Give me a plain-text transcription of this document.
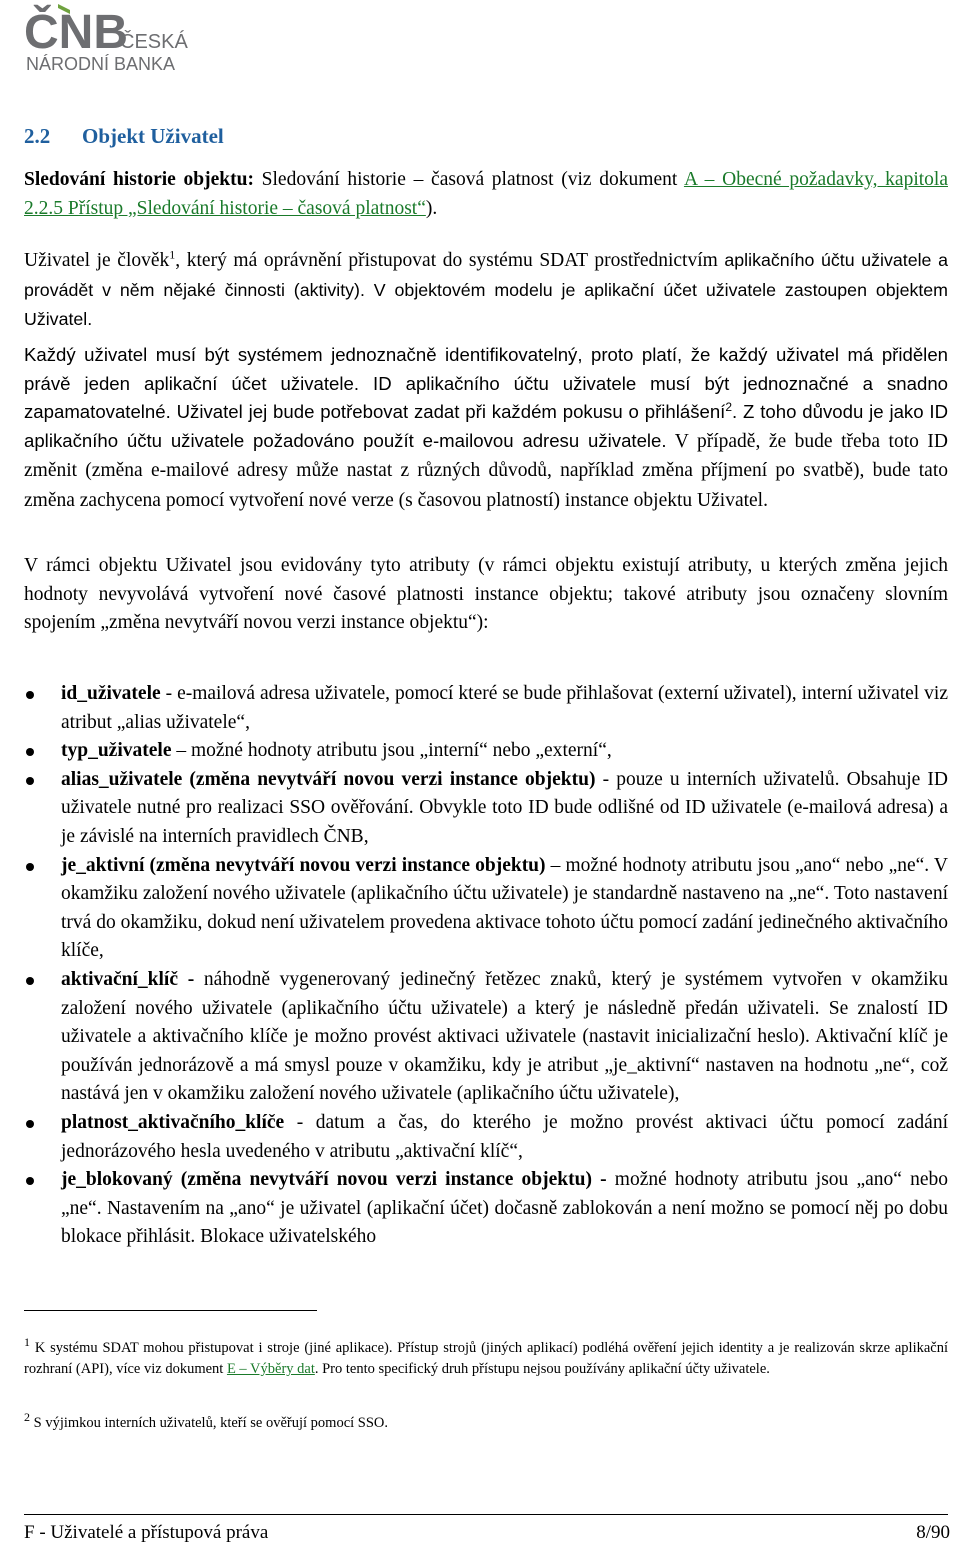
ČNB
ČESKÁ
NÁRODNÍ BANKA
2.2 Objekt Uživatel
Sledování historie objektu: Sledování historie – časová platnost (viz dokument A – Obecné požadavky, kapitola 2.2.5 Přístup „Sledování historie – časová platnost“).
Uživatel je člověk$^1$, který má oprávnění přistupovat do systému SDAT prostřednictvím aplikačního účtu uživatele a provádět v něm nějaké činnosti (aktivity). V objektovém modelu je aplikační účet uživatele zastoupen objektem Uživatel.
Každý uživatel musí být systémem jednoznačně identifikovatelný, proto platí, že každý uživatel má přidělen právě jeden aplikační účet uživatele. ID aplikačního účtu uživatele musí být jednoznačné a snadno zapamatovatelné. Uživatel jej bude potřebovat zadat při každém pokusu o přihlášení$^2$. Z toho důvodu je jako ID aplikačního účtu uživatele požadováno použít e-mailovou adresu uživatele. V případě, že bude třeba toto ID změnit (změna e-mailové adresy může nastat z různých důvodů, například změna příjmení po svatbě), bude tato změna zachycena pomocí vytvoření nové verze (s časovou platností) instance objektu Uživatel.
V rámci objektu Uživatel jsou evidovány tyto atributy (v rámci objektu existují atributy, u kterých změna jejich hodnoty nevyvolává vytvoření nové časové platnosti instance objektu; takové atributy jsou označeny slovním spojením „změna nevytváří novou verzi instance objektu“):
id_uživatele - e-mailová adresa uživatele, pomocí které se bude přihlašovat (externí uživatel), interní uživatel viz atribut „alias uživatele“,
typ_uživatele – možné hodnoty atributu jsou „interní“ nebo „externí“,
alias_uživatele (změna nevytváří novou verzi instance objektu) - pouze u interních uživatelů. Obsahuje ID uživatele nutné pro realizaci SSO ověřování. Obvykle toto ID bude odlišné od ID uživatele (e-mailová adresa) a je závislé na interních pravidlech ČNB,
je_aktivní (změna nevytváří novou verzi instance objektu) – možné hodnoty atributu jsou „ano“ nebo „ne“. V okamžiku založení nového uživatele (aplikačního účtu uživatele) je standardně nastaveno na „ne“. Toto nastavení trvá do okamžiku, dokud není uživatelem provedena aktivace tohoto účtu pomocí zadání jedinečného aktivačního klíče,
aktivační_klíč - náhodně vygenerovaný jedinečný řetězec znaků, který je systémem vytvořen v okamžiku založení nového uživatele (aplikačního účtu uživatele) a který je následně předán uživateli. Se znalostí ID uživatele a aktivačního klíče je možno provést aktivaci uživatele (nastavit inicializační heslo). Aktivační klíč je používán jednorázově a má smysl pouze v okamžiku, kdy je atribut „je_aktivní“ nastaven na hodnotu „ne“, což nastává jen v okamžiku založení nového uživatele (aplikačního účtu uživatele),
platnost_aktivačního_klíče - datum a čas, do kterého je možno provést aktivaci účtu pomocí zadání jednorázového hesla uvedeného v atributu „aktivační klíč“,
je_blokovaný (změna nevytváří novou verzi instance objektu) - možné hodnoty atributu jsou „ano“ nebo „ne“. Nastavením na „ano“ je uživatel (aplikační účet) dočasně zablokován a není možno se pomocí něj po dobu blokace přihlásit. Blokace uživatelského
$^1$ K systému SDAT mohou přistupovat i stroje (jiné aplikace). Přístup strojů (jiných aplikací) podléhá ověření jejich identity a je realizován skrze aplikační rozhraní (API), více viz dokument E – Výběry dat. Pro tento specifický druh přístupu nejsou používány aplikační účty uživatele.
$^2$ S výjimkou interních uživatelů, kteří se ověřují pomocí SSO.
F - Uživatelé a přístupová práva	8/90
